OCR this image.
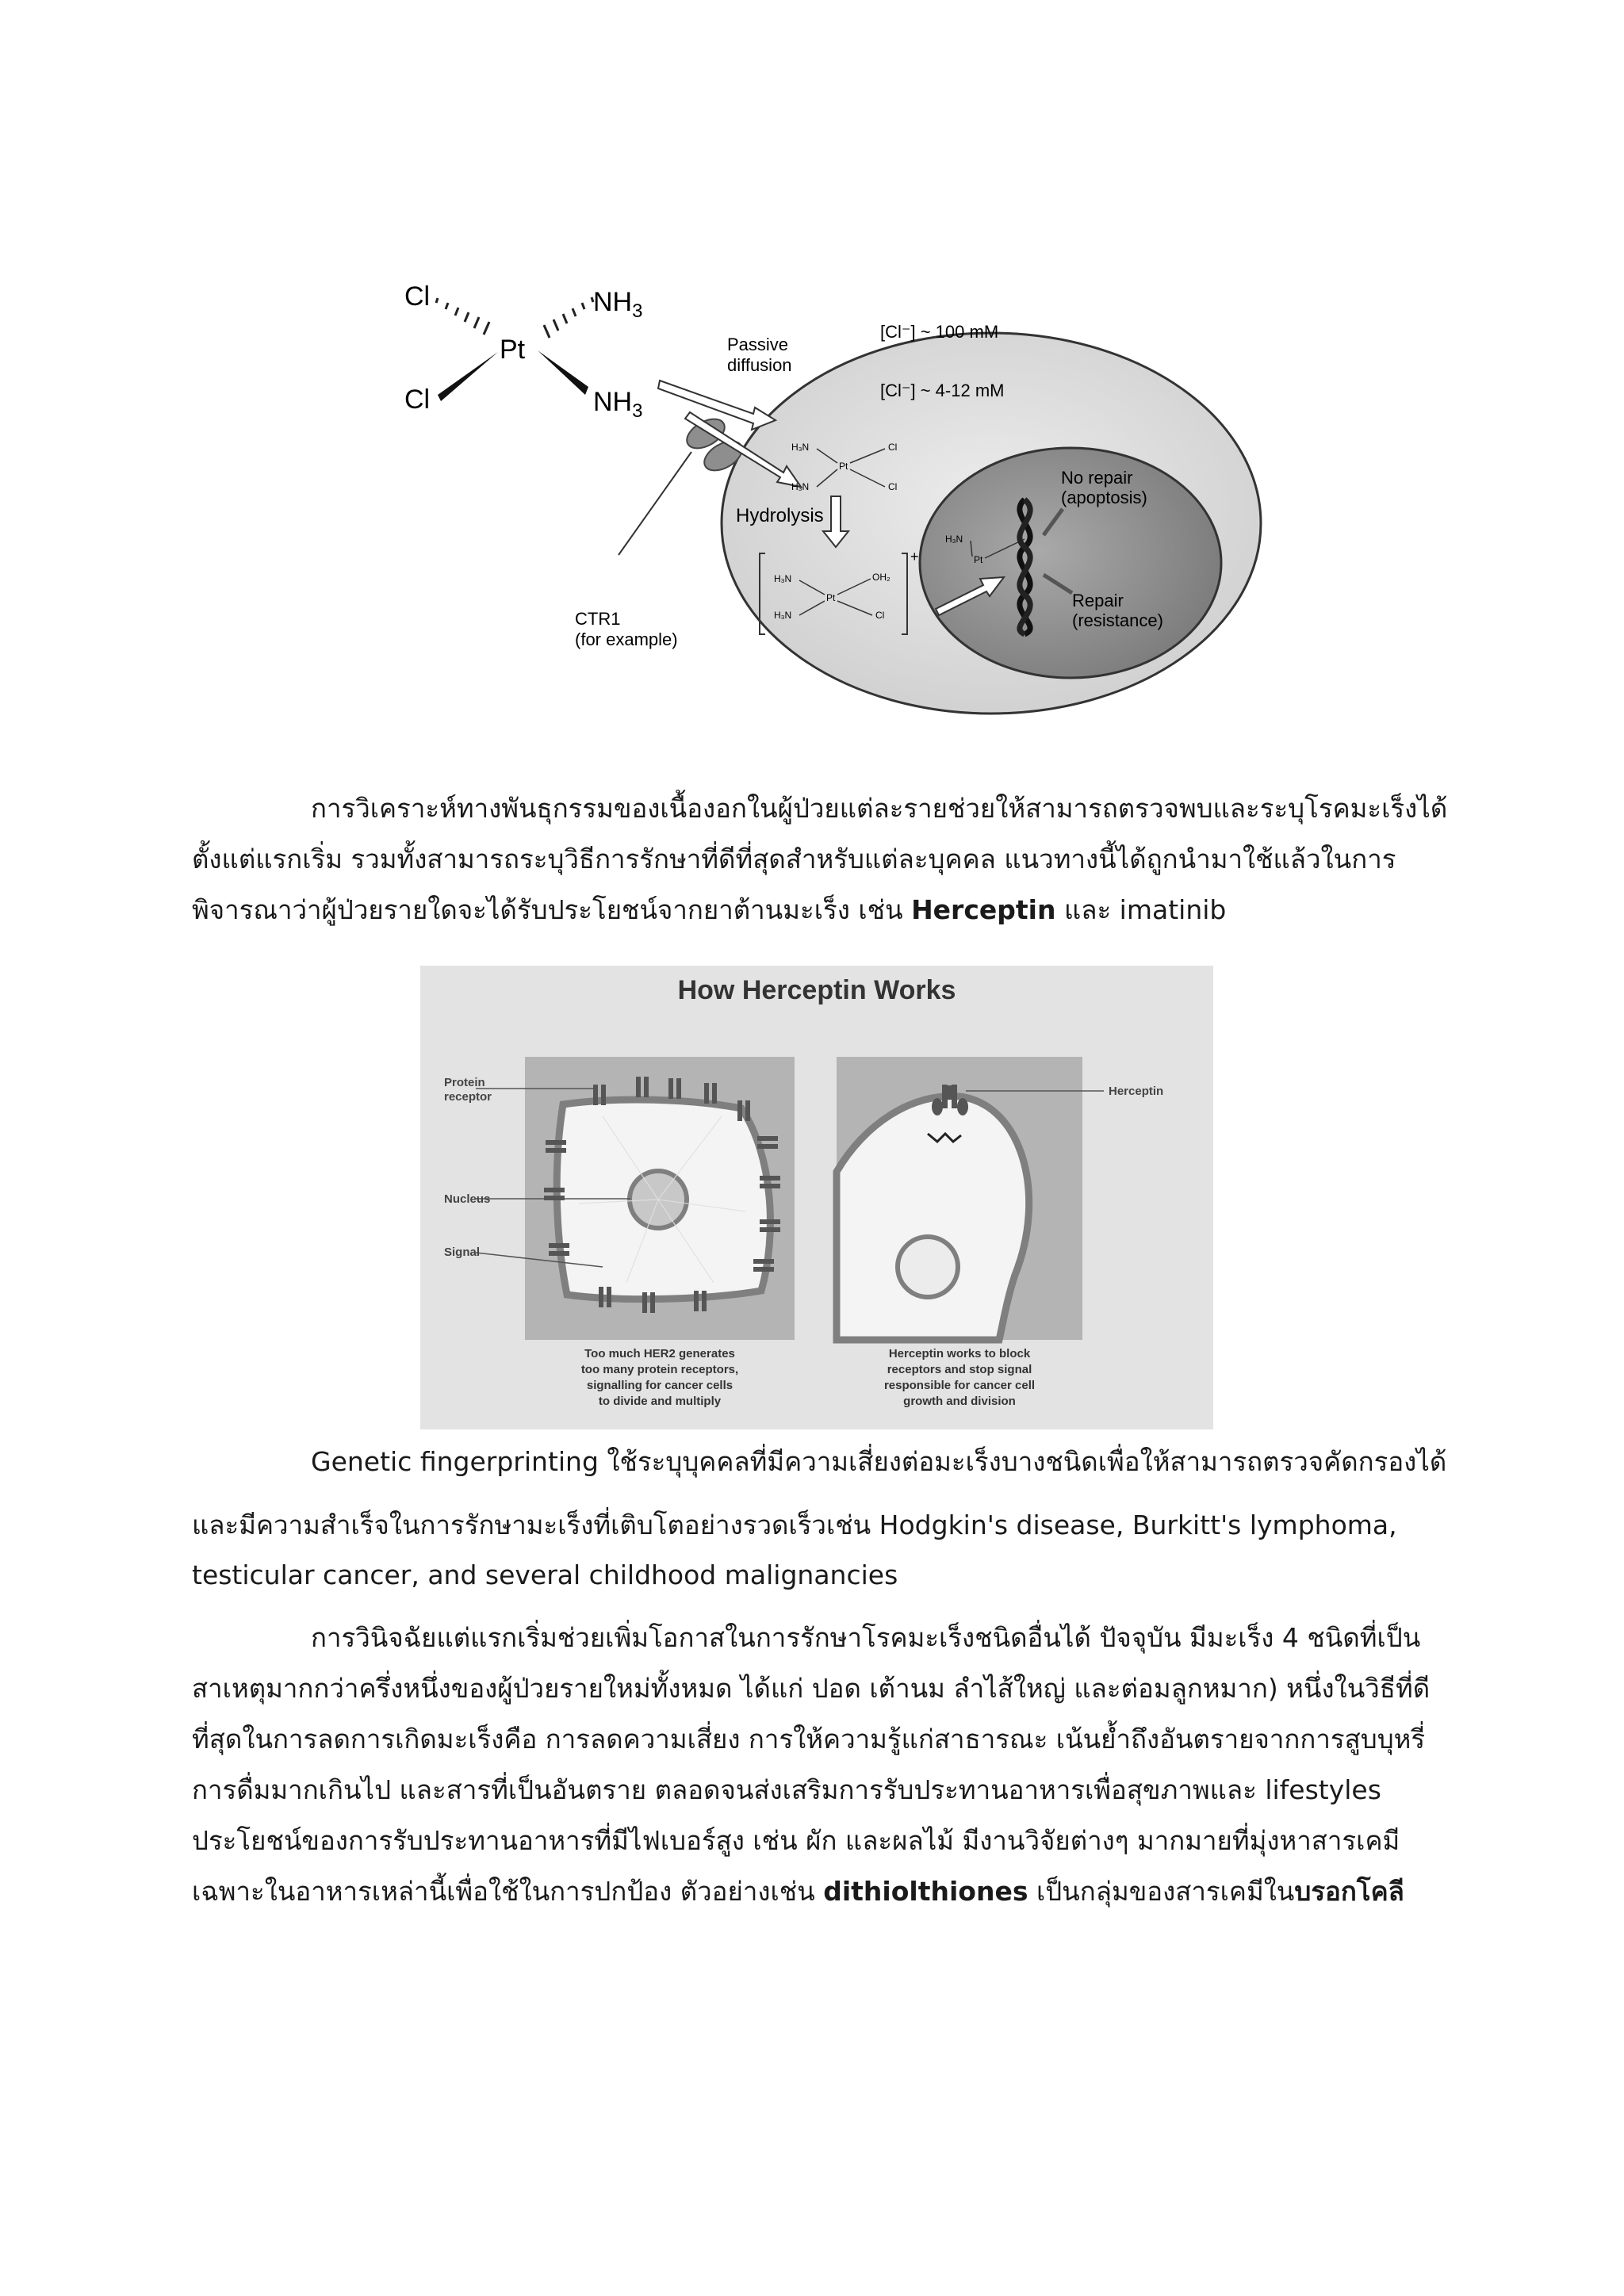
Cl
Cl
Pt
$NH_3$
$NH_3$
Passive
diffusion
[Cl⁻] ~ 100 mM
[Cl⁻] ~ 4-12 mM
Hydrolysis
CTR1
(for example)
No repair
(apoptosis)
Repair
(resistance)
H₃N
H₃N
Pt
Cl
Cl
+
H₃N
H₃N
Pt
OH₂
Cl
H₃N
Pt
การวิเคราะห์ทางพันธุกรรมของเนื้องอกในผู้ป่วยแต่ละรายช่วยให้สามารถตรวจพบและระบุโรคมะเร็งได้
ตั้งแต่แรกเริ่ม รวมทั้งสามารถระบุวิธีการรักษาที่ดีที่สุดสำหรับแต่ละบุคคล แนวทางนี้ได้ถูกนำมาใช้แล้วในการ
พิจารณาว่าผู้ป่วยรายใดจะได้รับประโยชน์จากยาต้านมะเร็ง เช่น Herceptin และ imatinib
How Herceptin Works
Protein
receptor
Nucleus
Signal
Too much HER2 generates
too many protein receptors,
signalling for cancer cells
to divide and multiply
Herceptin
Herceptin works to block
receptors and stop signal
responsible for cancer cell
growth and division
Genetic fingerprinting ใช้ระบุบุคคลที่มีความเสี่ยงต่อมะเร็งบางชนิดเพื่อให้สามารถตรวจคัดกรองได้
และมีความสำเร็จในการรักษามะเร็งที่เติบโตอย่างรวดเร็วเช่น Hodgkin's disease, Burkitt's lymphoma,
testicular cancer, and several childhood malignancies
การวินิจฉัยแต่แรกเริ่มช่วยเพิ่มโอกาสในการรักษาโรคมะเร็งชนิดอื่นได้ ปัจจุบัน มีมะเร็ง 4 ชนิดที่เป็น
สาเหตุมากกว่าครึ่งหนึ่งของผู้ป่วยรายใหม่ทั้งหมด ได้แก่ ปอด เต้านม ลำไส้ใหญ่ และต่อมลูกหมาก) หนึ่งในวิธีที่ดี
ที่สุดในการลดการเกิดมะเร็งคือ การลดความเสี่ยง การให้ความรู้แก่สาธารณะ เน้นย้ำถึงอันตรายจากการสูบบุหรี่
การดื่มมากเกินไป และสารที่เป็นอันตราย ตลอดจนส่งเสริมการรับประทานอาหารเพื่อสุขภาพและ lifestyles
ประโยชน์ของการรับประทานอาหารที่มีไฟเบอร์สูง เช่น ผัก และผลไม้ มีงานวิจัยต่างๆ มากมายที่มุ่งหาสารเคมี
เฉพาะในอาหารเหล่านี้เพื่อใช้ในการปกป้อง ตัวอย่างเช่น dithiolthiones เป็นกลุ่มของสารเคมีในบรอกโคลี
